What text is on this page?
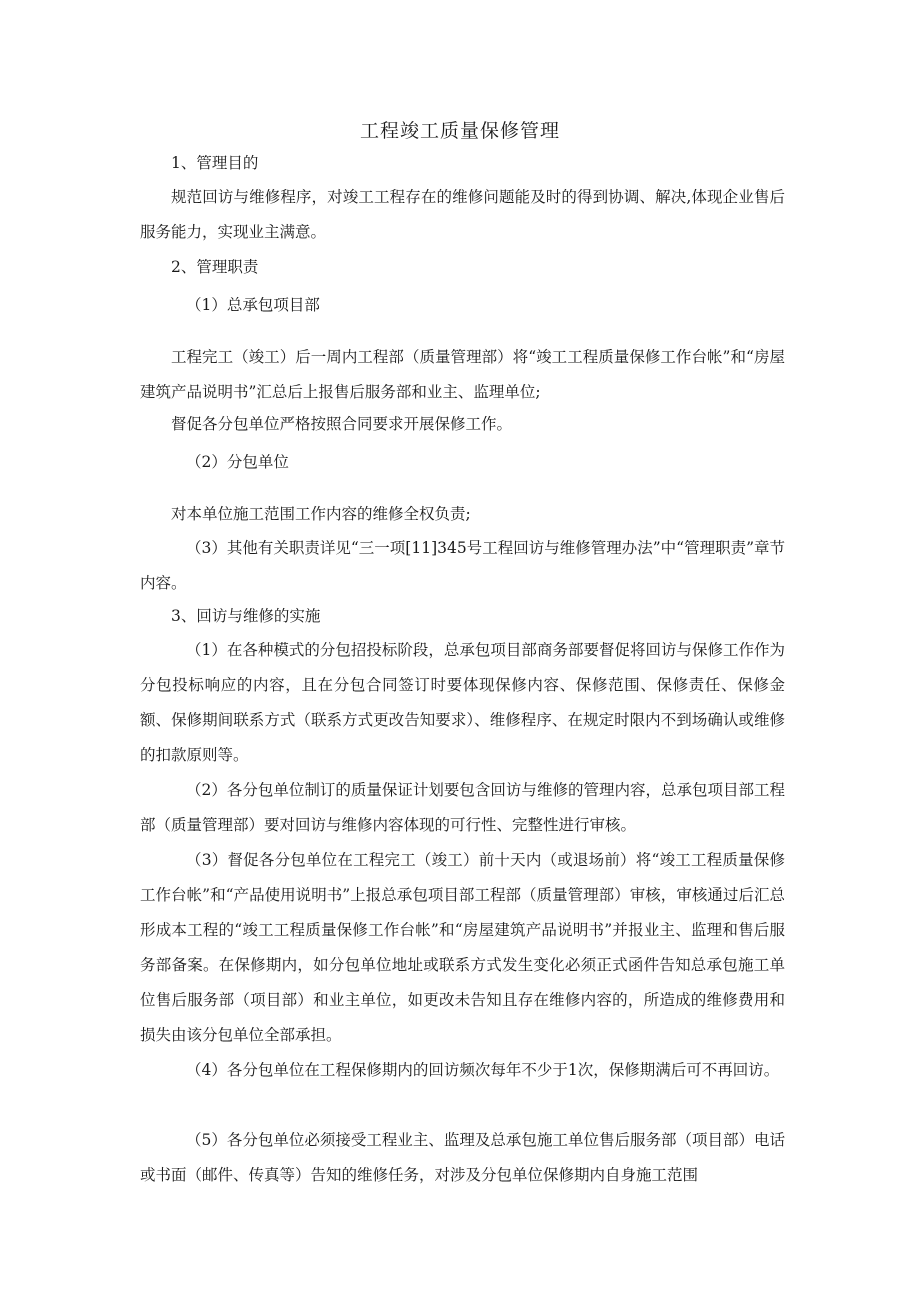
工程竣工质量保修管理

1、管理目的

规范回访与维修程序，对竣工工程存在的维修问题能及时的得到协调、解决,体现企业售后服务能力，实现业主满意。

2、管理职责

（1）总承包项目部

工程完工（竣工）后一周内工程部（质量管理部）将“竣工工程质量保修工作台帐”和“房屋建筑产品说明书”汇总后上报售后服务部和业主、监理单位;

督促各分包单位严格按照合同要求开展保修工作。

（2）分包单位

对本单位施工范围工作内容的维修全权负责;

（3）其他有关职责详见“三一项[11]345号工程回访与维修管理办法”中“管理职责”章节内容。

3、回访与维修的实施

（1）在各种模式的分包招投标阶段，总承包项目部商务部要督促将回访与保修工作作为分包投标响应的内容，且在分包合同签订时要体现保修内容、保修范围、保修责任、保修金额、保修期间联系方式（联系方式更改告知要求）、维修程序、在规定时限内不到场确认或维修的扣款原则等。

（2）各分包单位制订的质量保证计划要包含回访与维修的管理内容，总承包项目部工程部（质量管理部）要对回访与维修内容体现的可行性、完整性进行审核。

（3）督促各分包单位在工程完工（竣工）前十天内（或退场前）将“竣工工程质量保修工作台帐”和“产品使用说明书”上报总承包项目部工程部（质量管理部）审核，审核通过后汇总形成本工程的“竣工工程质量保修工作台帐”和“房屋建筑产品说明书”并报业主、监理和售后服务部备案。在保修期内，如分包单位地址或联系方式发生变化必须正式函件告知总承包施工单位售后服务部（项目部）和业主单位，如更改未告知且存在维修内容的，所造成的维修费用和损失由该分包单位全部承担。

（4）各分包单位在工程保修期内的回访频次每年不少于1次，保修期满后可不再回访。

（5）各分包单位必须接受工程业主、监理及总承包施工单位售后服务部（项目部）电话或书面（邮件、传真等）告知的维修任务，对涉及分包单位保修期内自身施工范围
